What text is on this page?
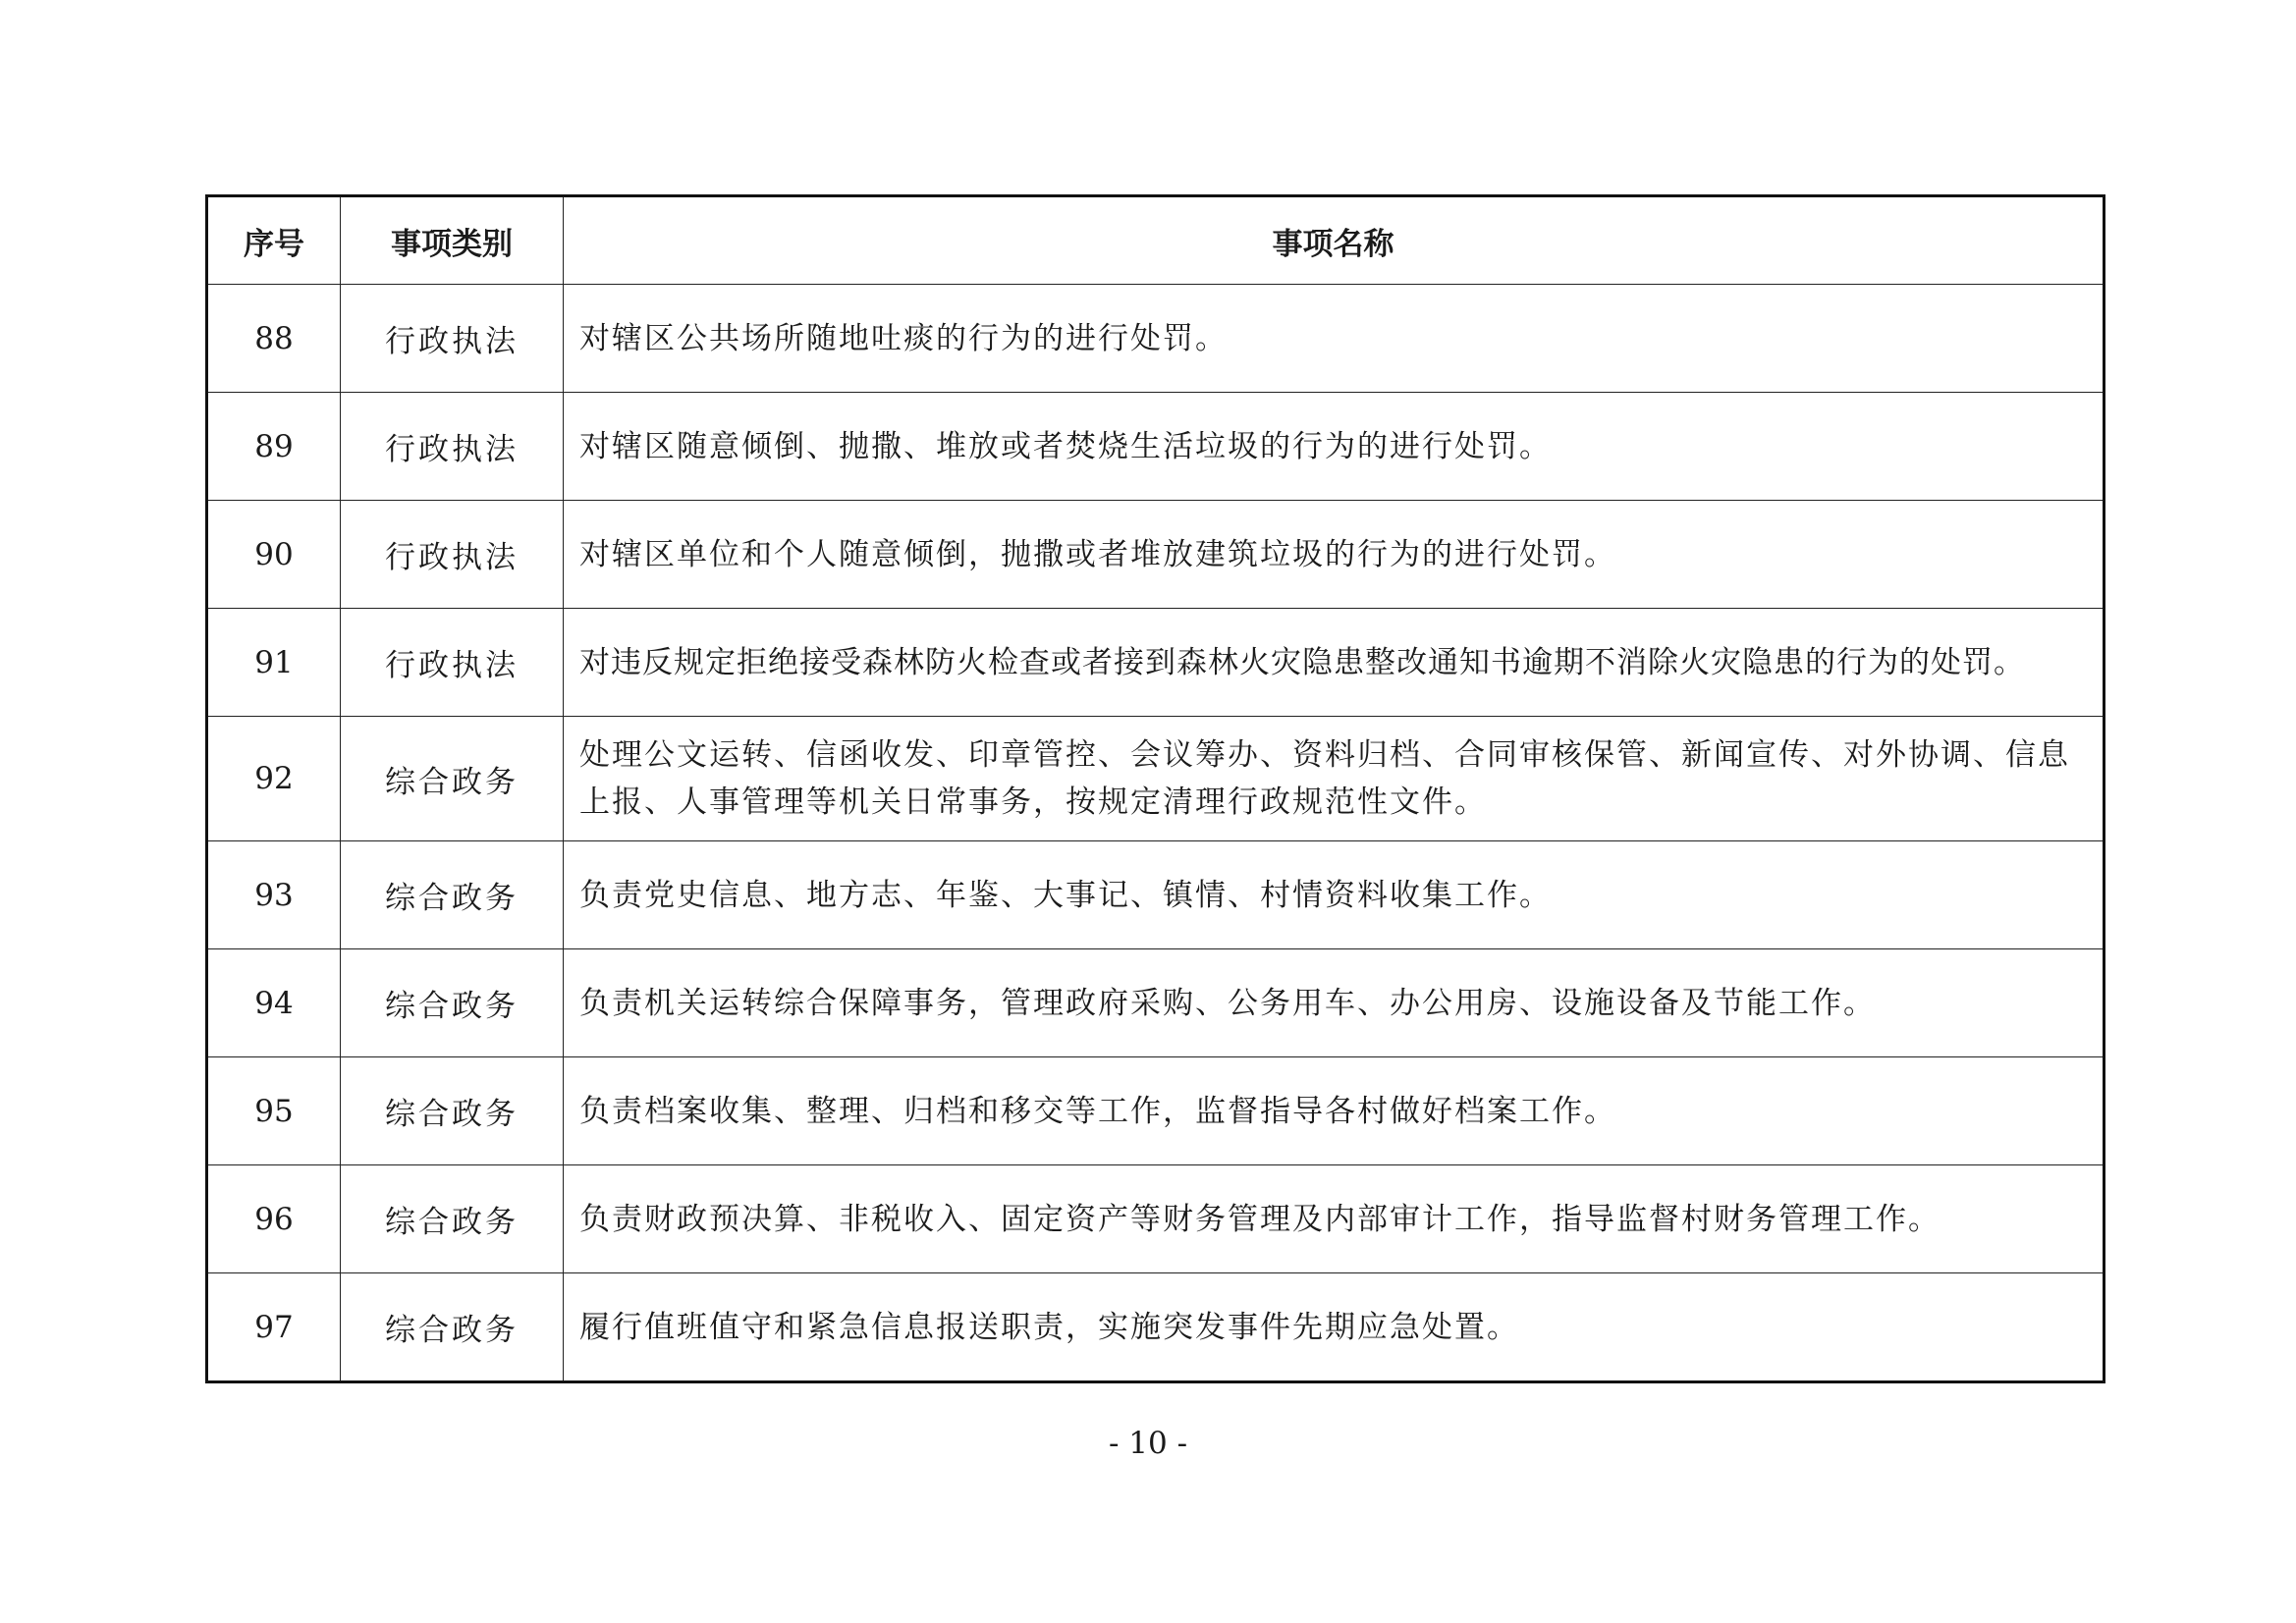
序号	事项类别	事项名称
88	行政执法	对辖区公共场所随地吐痰的行为的进行处罚。
89	行政执法	对辖区随意倾倒、抛撒、堆放或者焚烧生活垃圾的行为的进行处罚。
90	行政执法	对辖区单位和个人随意倾倒，抛撒或者堆放建筑垃圾的行为的进行处罚。
91	行政执法	对违反规定拒绝接受森林防火检查或者接到森林火灾隐患整改通知书逾期不消除火灾隐患的行为的处罚。
92	综合政务	处理公文运转、信函收发、印章管控、会议筹办、资料归档、合同审核保管、新闻宣传、对外协调、信息上报、人事管理等机关日常事务，按规定清理行政规范性文件。
93	综合政务	负责党史信息、地方志、年鉴、大事记、镇情、村情资料收集工作。
94	综合政务	负责机关运转综合保障事务，管理政府采购、公务用车、办公用房、设施设备及节能工作。
95	综合政务	负责档案收集、整理、归档和移交等工作，监督指导各村做好档案工作。
96	综合政务	负责财政预决算、非税收入、固定资产等财务管理及内部审计工作，指导监督村财务管理工作。
97	综合政务	履行值班值守和紧急信息报送职责，实施突发事件先期应急处置。
- 10 -
